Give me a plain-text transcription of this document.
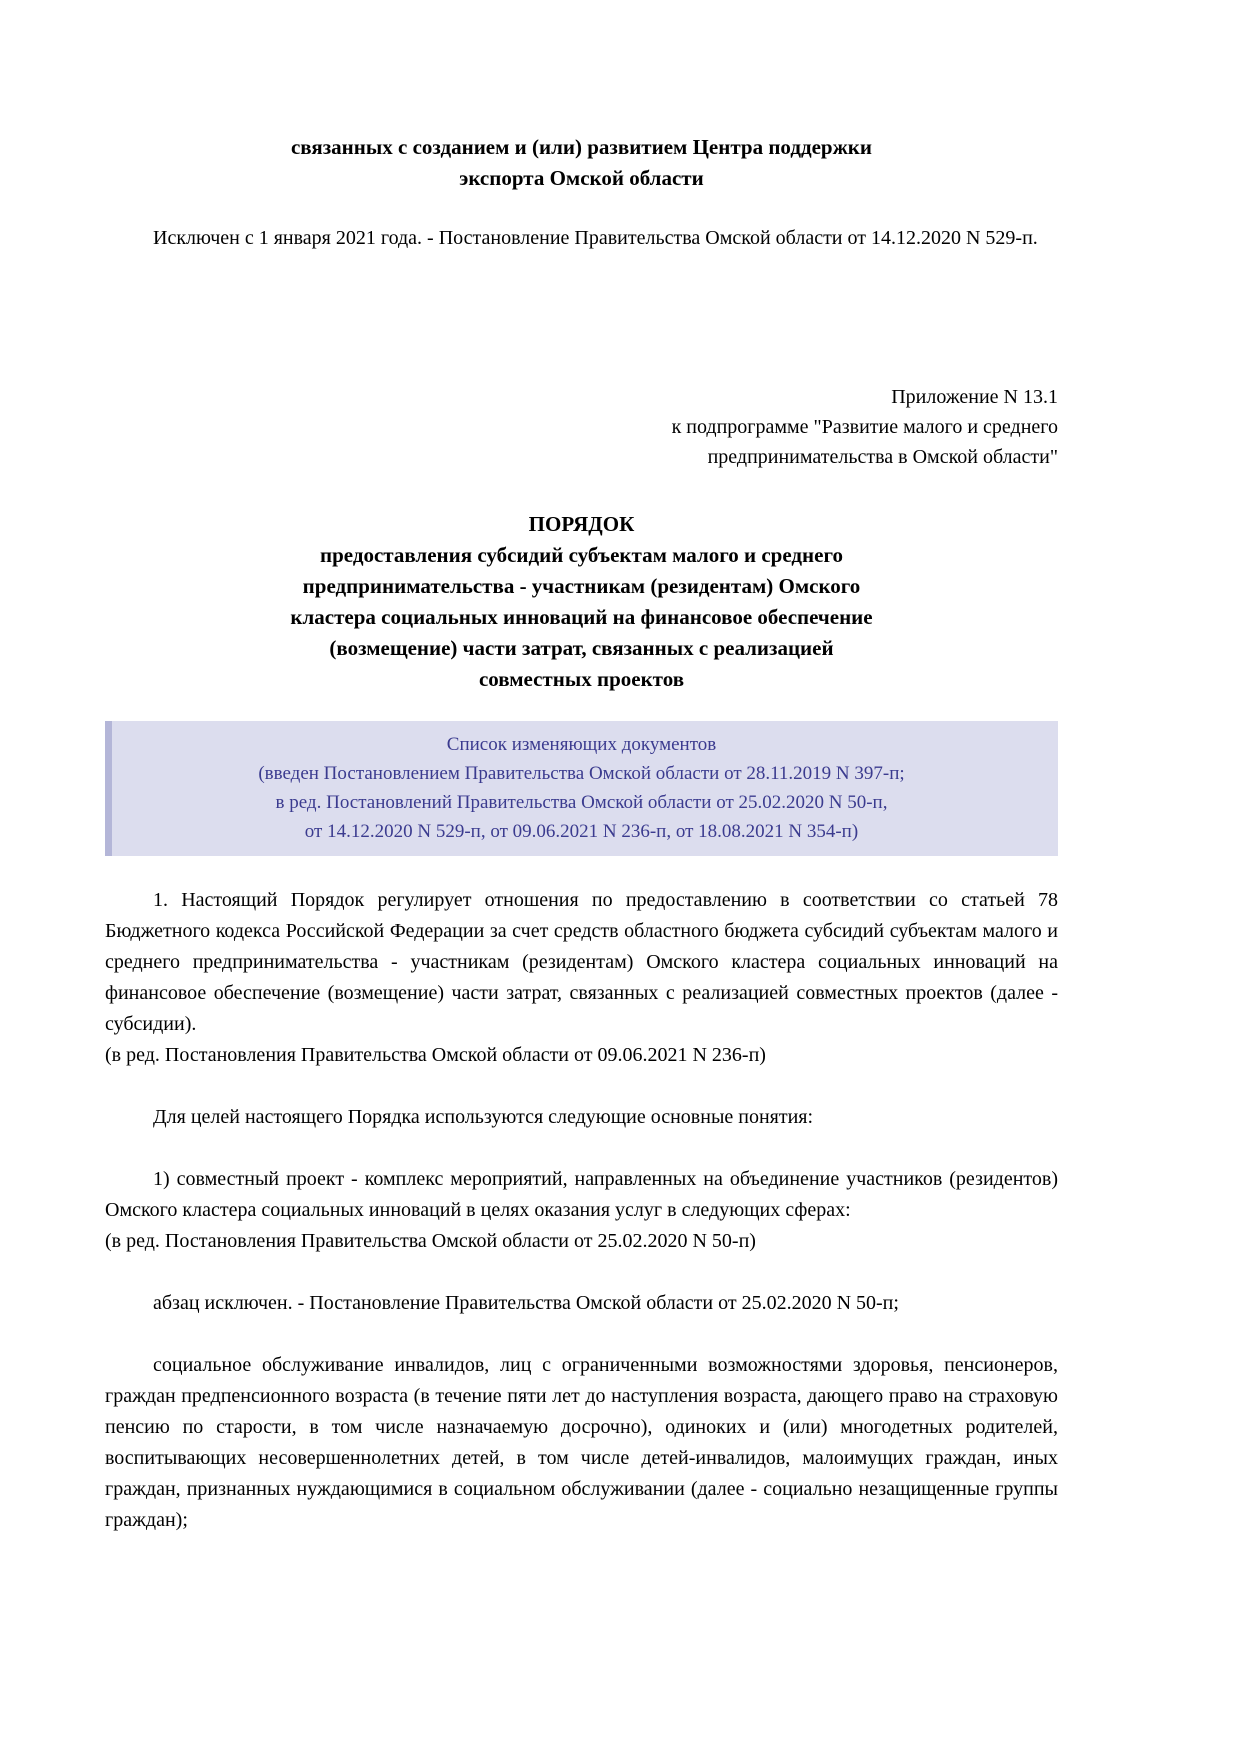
связанных с созданием и (или) развитием Центра поддержки
экспорта Омской области

Исключен с 1 января 2021 года. - Постановление Правительства Омской области от 14.12.2020 N 529-п.

Приложение N 13.1
к подпрограмме "Развитие малого и среднего
предпринимательства в Омской области"
ПОРЯДОК
предоставления субсидий субъектам малого и среднего
предпринимательства - участникам (резидентам) Омского
кластера социальных инноваций на финансовое обеспечение
(возмещение) части затрат, связанных с реализацией
совместных проектов
Список изменяющих документов
(введен Постановлением Правительства Омской области от 28.11.2019 N 397-п;
в ред. Постановлений Правительства Омской области от 25.02.2020 N 50-п,
от 14.12.2020 N 529-п, от 09.06.2021 N 236-п, от 18.08.2021 N 354-п)

1. Настоящий Порядок регулирует отношения по предоставлению в соответствии со статьей 78 Бюджетного кодекса Российской Федерации за счет средств областного бюджета субсидий субъектам малого и среднего предпринимательства - участникам (резидентам) Омского кластера социальных инноваций на финансовое обеспечение (возмещение) части затрат, связанных с реализацией совместных проектов (далее - субсидии).

(в ред. Постановления Правительства Омской области от 09.06.2021 N 236-п)

Для целей настоящего Порядка используются следующие основные понятия:

1) совместный проект - комплекс мероприятий, направленных на объединение участников (резидентов) Омского кластера социальных инноваций в целях оказания услуг в следующих сферах:

(в ред. Постановления Правительства Омской области от 25.02.2020 N 50-п)

абзац исключен. - Постановление Правительства Омской области от 25.02.2020 N 50-п;

социальное обслуживание инвалидов, лиц с ограниченными возможностями здоровья, пенсионеров, граждан предпенсионного возраста (в течение пяти лет до наступления возраста, дающего право на страховую пенсию по старости, в том числе назначаемую досрочно), одиноких и (или) многодетных родителей, воспитывающих несовершеннолетних детей, в том числе детей-инвалидов, малоимущих граждан, иных граждан, признанных нуждающимися в социальном обслуживании (далее - социально незащищенные группы граждан);
